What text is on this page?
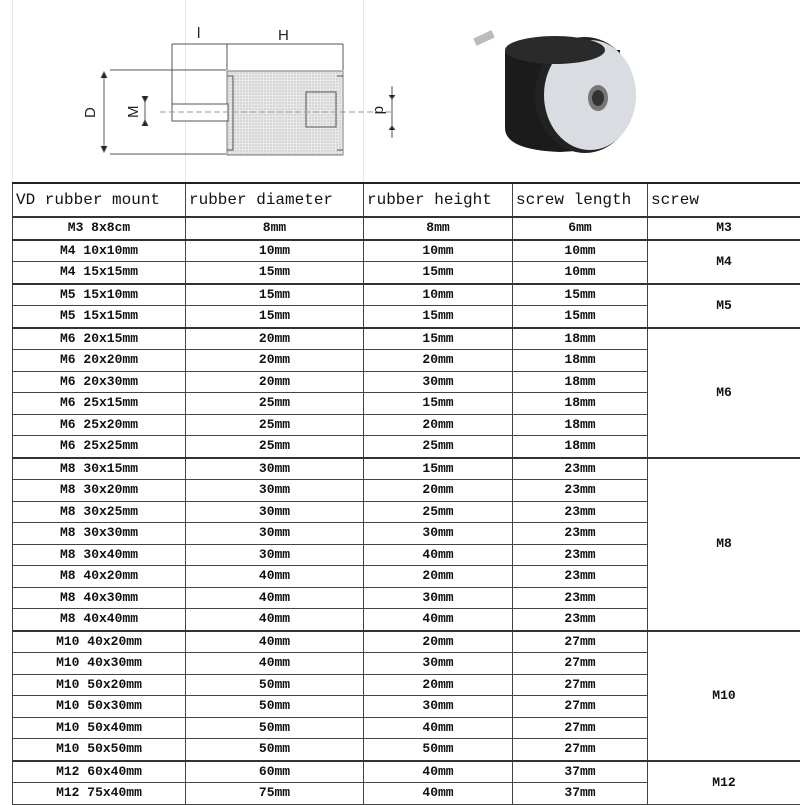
l	H
D M	d
VD rubber mount	rubber diameter	rubber height	screw length	screw
M3 8x8cm	8mm	8mm	6mm	M3
M4 10x10mm	10mm	10mm	10mm	M4
M4 15x15mm	15mm	15mm	10mm	
M5 15x10mm	15mm	10mm	15mm	M5
M5 15x15mm	15mm	15mm	15mm	
M6 20x15mm	20mm	15mm	18mm	M6
M6 20x20mm	20mm	20mm	18mm	
M6 20x30mm	20mm	30mm	18mm	
M6 25x15mm	25mm	15mm	18mm	
M6 25x20mm	25mm	20mm	18mm	
M6 25x25mm	25mm	25mm	18mm	
M8 30x15mm	30mm	15mm	23mm	M8
M8 30x20mm	30mm	20mm	23mm	
M8 30x25mm	30mm	25mm	23mm	
M8 30x30mm	30mm	30mm	23mm	
M8 30x40mm	30mm	40mm	23mm	
M8 40x20mm	40mm	20mm	23mm	
M8 40x30mm	40mm	30mm	23mm	
M8 40x40mm	40mm	40mm	23mm	
M10 40x20mm	40mm	20mm	27mm	M10
M10 40x30mm	40mm	30mm	27mm	
M10 50x20mm	50mm	20mm	27mm	
M10 50x30mm	50mm	30mm	27mm	
M10 50x40mm	50mm	40mm	27mm	
M10 50x50mm	50mm	50mm	27mm	
M12 60x40mm	60mm	40mm	37mm	M12
M12 75x40mm	75mm	40mm	37mm	
